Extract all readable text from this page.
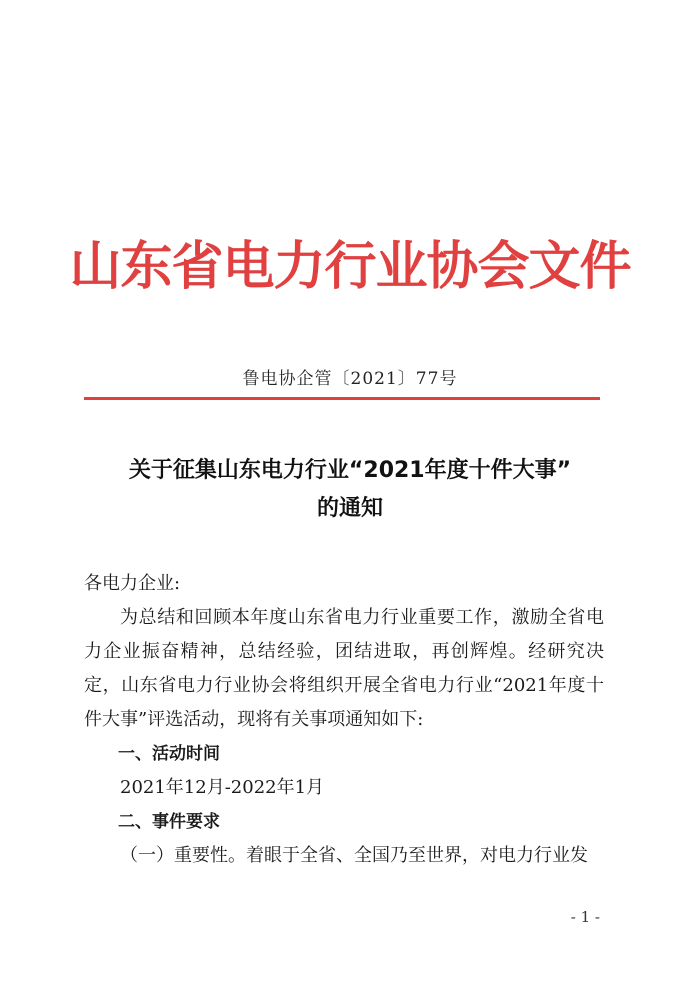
山东省电力行业协会文件
鲁电协企管〔2021〕77号
关于征集山东电力行业“2021年度十件大事”
的通知

各电力企业:

为总结和回顾本年度山东省电力行业重要工作，激励全省电力企业振奋精神，总结经验，团结进取，再创辉煌。经研究决定，山东省电力行业协会将组织开展全省电力行业“2021年度十件大事”评选活动，现将有关事项通知如下:

一、活动时间

2021年12月-2022年1月

二、事件要求

（一）重要性。着眼于全省、全国乃至世界，对电力行业发

- 1 -
